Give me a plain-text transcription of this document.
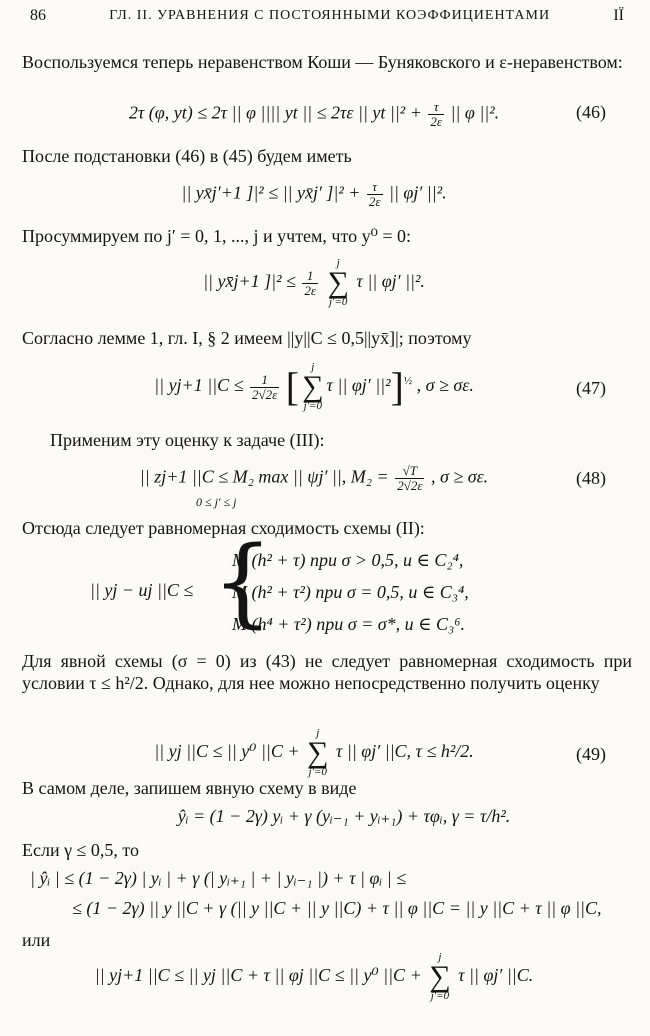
86	ГЛ. II. УРАВНЕНИЯ С ПОСТОЯННЫМИ КОЭФФИЦИЕНТАМИ	ІЇ
Воспользуемся теперь неравенством Коши — Буняковского и ε-неравенством:
2τ (φ, yt) ≤ 2τ || φ |||| yt || ≤ 2τε || yt $||^2 + \frac{\tau}{2\varepsilon}$ || φ ||².	(46)
После подстановки (46) в (45) будем иметь
|| yx̄j′+1 ]|² ≤ || yx̄j′ ]$|^2 + \frac{\tau}{2\varepsilon}$ || φj′ ||².
Просуммируем по j′ = 0, 1, ..., j и учтем, что y⁰ = 0:
|| yx̄j+1 ]$|^2 \le \frac{1}{2\varepsilon}$
j
∑
j′=0 τ || φj′ ||².
Согласно лемме 1, гл. I, § 2 имеем ||y||C ≤ 0,5||yx̄]|; поэтому
|| yj+1 $||C \le \frac{1}{2√2\varepsilon}$ [ j
∑
j′=0τ || φj′ ||²]$^{\frac{1}{2}}$ , σ ≥ σε.	(47)
Применим эту оценку к задаче (III):
|| zj+1 ||C ≤ M₂ max || ψj′ ||, $M_2 = \frac{√T}{2√2\varepsilon}$ , σ ≥ σε.	(48)
0 ≤ j′ ≤ j
Отсюда следует равномерная сходимость схемы (II):
|| yj − uj ||C ≤ {
M (h² + τ) при σ > 0,5, u ∈ C₂⁴,
M (h² + τ²) при σ = 0,5, u ∈ C₃⁴,
M (h⁴ + τ²) при σ = σ*, u ∈ C₃⁶.
Для явной схемы (σ = 0) из (43) не следует равномерная сходимость при условии τ ≤ h²/2. Однако, для нее можно непосредственно получить оценку
|| yj ||C ≤ || y⁰ ||C + j
∑
j′=0 τ || φj′ ||C, τ ≤ h²/2.	(49)
В самом деле, запишем явную схему в виде
ŷᵢ = (1 − 2γ) yᵢ + γ (yᵢ₋₁ + yᵢ₊₁) + τφᵢ, γ = τ/h².
Если γ ≤ 0,5, то
| ŷᵢ | ≤ (1 − 2γ) | yᵢ | + γ (| yᵢ₊₁ | + | yᵢ₋₁ |) + τ | φᵢ | ≤
≤ (1 − 2γ) || y ||C + γ (|| y ||C + || y ||C) + τ || φ ||C = || y ||C + τ || φ ||C,
или
|| yj+1 ||C ≤ || yj ||C + τ || φj ||C ≤ || y⁰ ||C + j
∑
j′=0 τ || φj′ ||C.
